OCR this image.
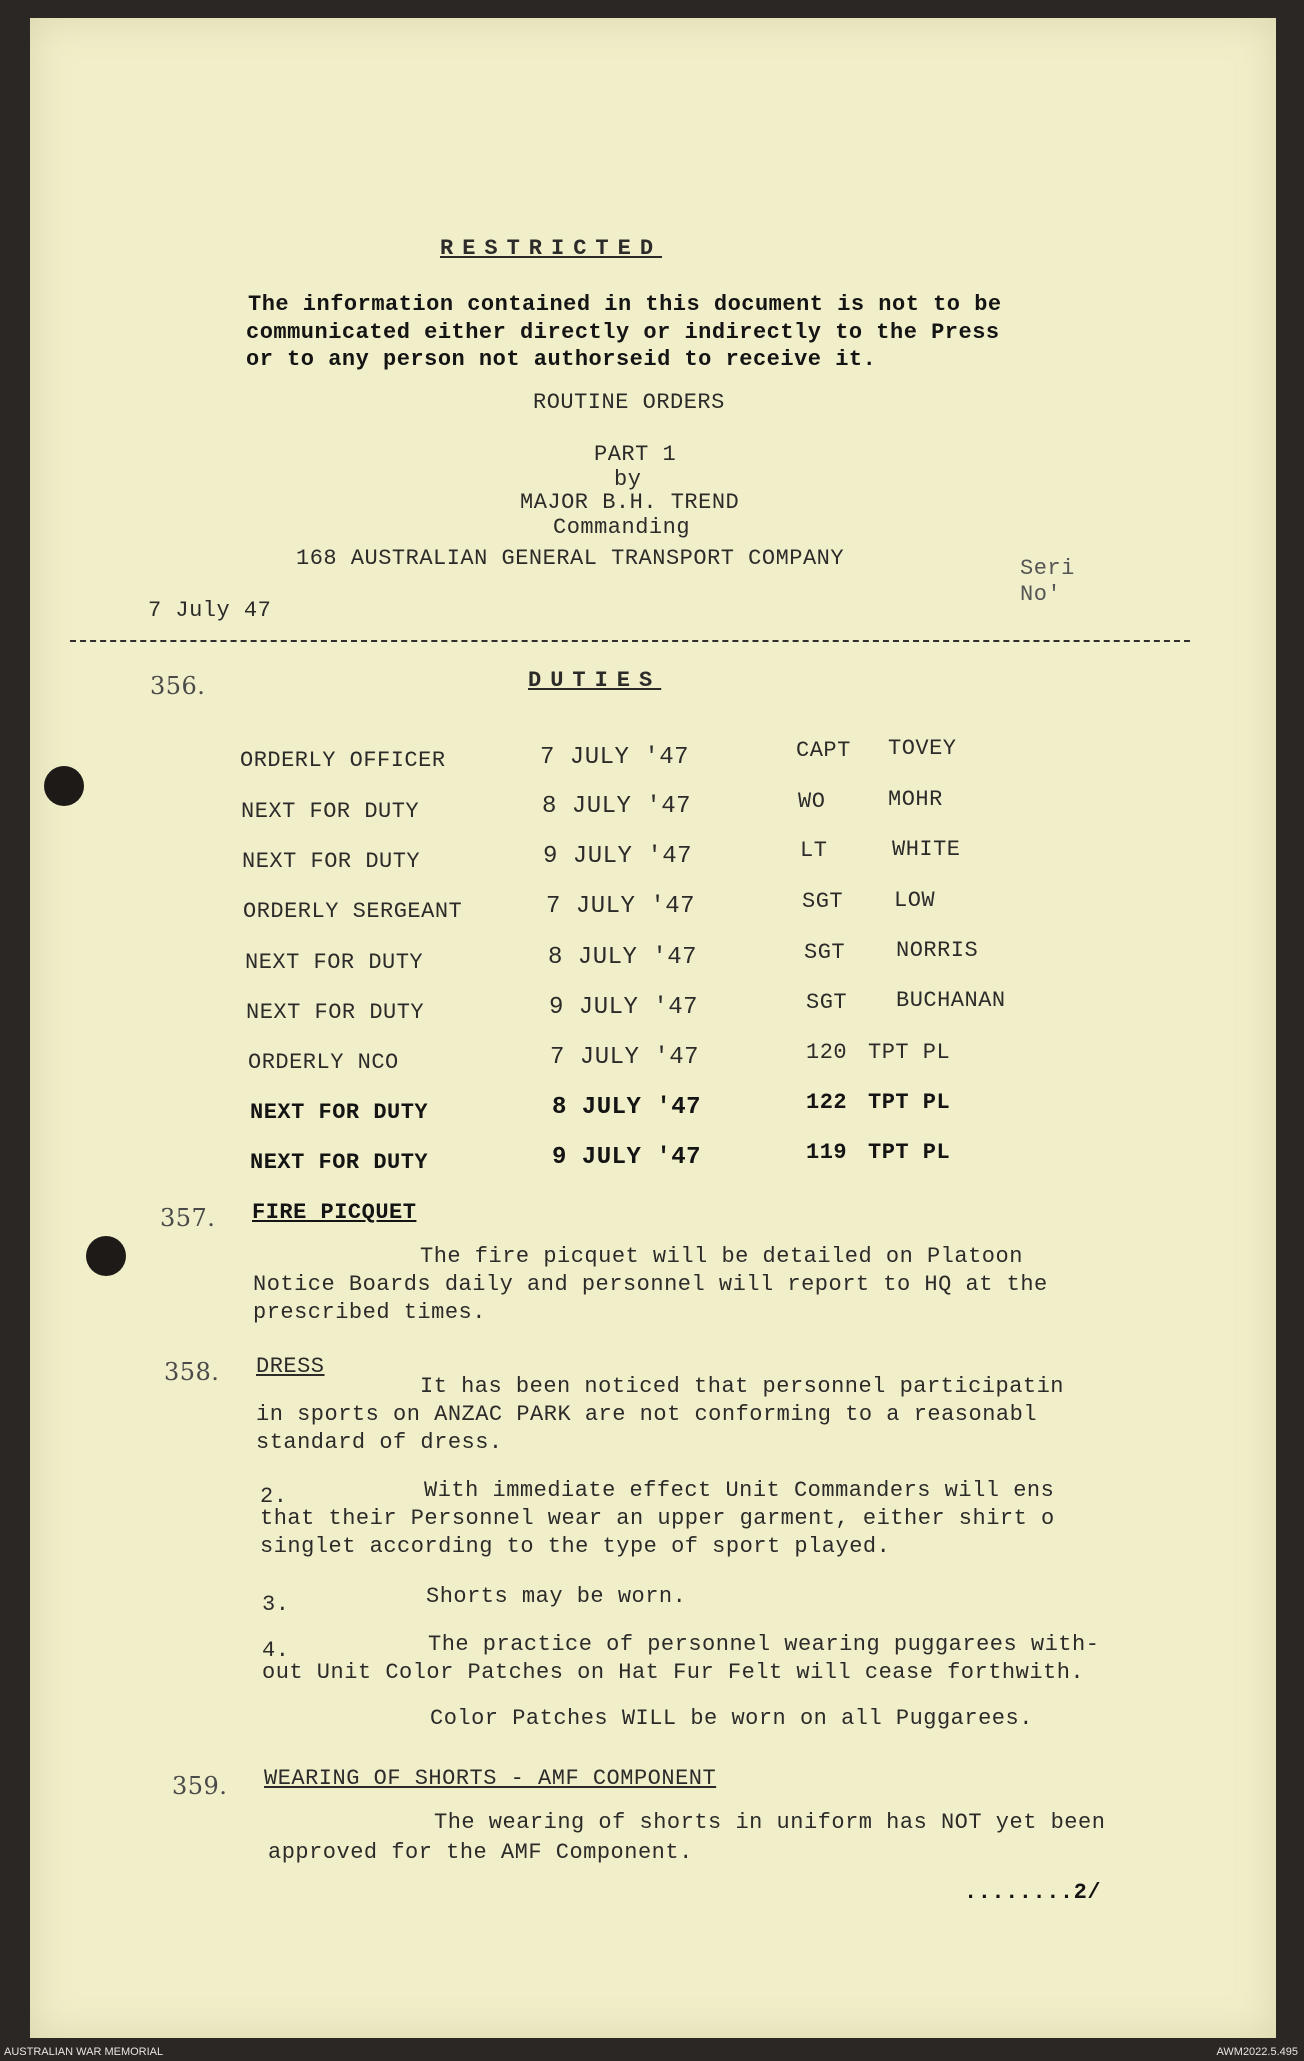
RESTRICTED
The information contained in this document is not to be
communicated either directly or indirectly to the Press
or to any person not authorseid to receive it.
ROUTINE ORDERS
PART 1
by
MAJOR B.H. TREND
Commanding
168 AUSTRALIAN GENERAL TRANSPORT COMPANY
7 July 47
Seri
No'
356.	DUTIES
ORDERLY OFFICER	7 JULY '47	CAPT TOVEY
NEXT FOR DUTY	8 JULY '47	WO	MOHR
NEXT FOR DUTY	9 JULY '47	LT	WHITE
ORDERLY SERGEANT	7 JULY '47	SGT LOW
NEXT FOR DUTY	8 JULY '47	SGT NORRIS
NEXT FOR DUTY	9 JULY '47	SGT BUCHANAN
ORDERLY NCO	7 JULY '47	120 TPT PL
NEXT FOR DUTY	8 JULY '47	122 TPT PL
NEXT FOR DUTY	9 JULY '47	119 TPT PL
357. FIRE PICQUET
The fire picquet will be detailed on Platoon
Notice Boards daily and personnel will report to HQ at the
prescribed times.
358. DRESS
It has been noticed that personnel participatin
in sports on ANZAC PARK are not conforming to a reasonabl
standard of dress.
2.	With immediate effect Unit Commanders will ens
that their Personnel wear an upper garment, either shirt o
singlet according to the type of sport played.
3.	Shorts may be worn.
4.	The practice of personnel wearing puggarees with-
out Unit Color Patches on Hat Fur Felt will cease forthwith.
Color Patches WILL be worn on all Puggarees.
359. WEARING OF SHORTS - AMF COMPONENT
The wearing of shorts in uniform has NOT yet been
approved for the AMF Component.
........2/
AUSTRALIAN WAR MEMORIAL	AWM2022.5.495
